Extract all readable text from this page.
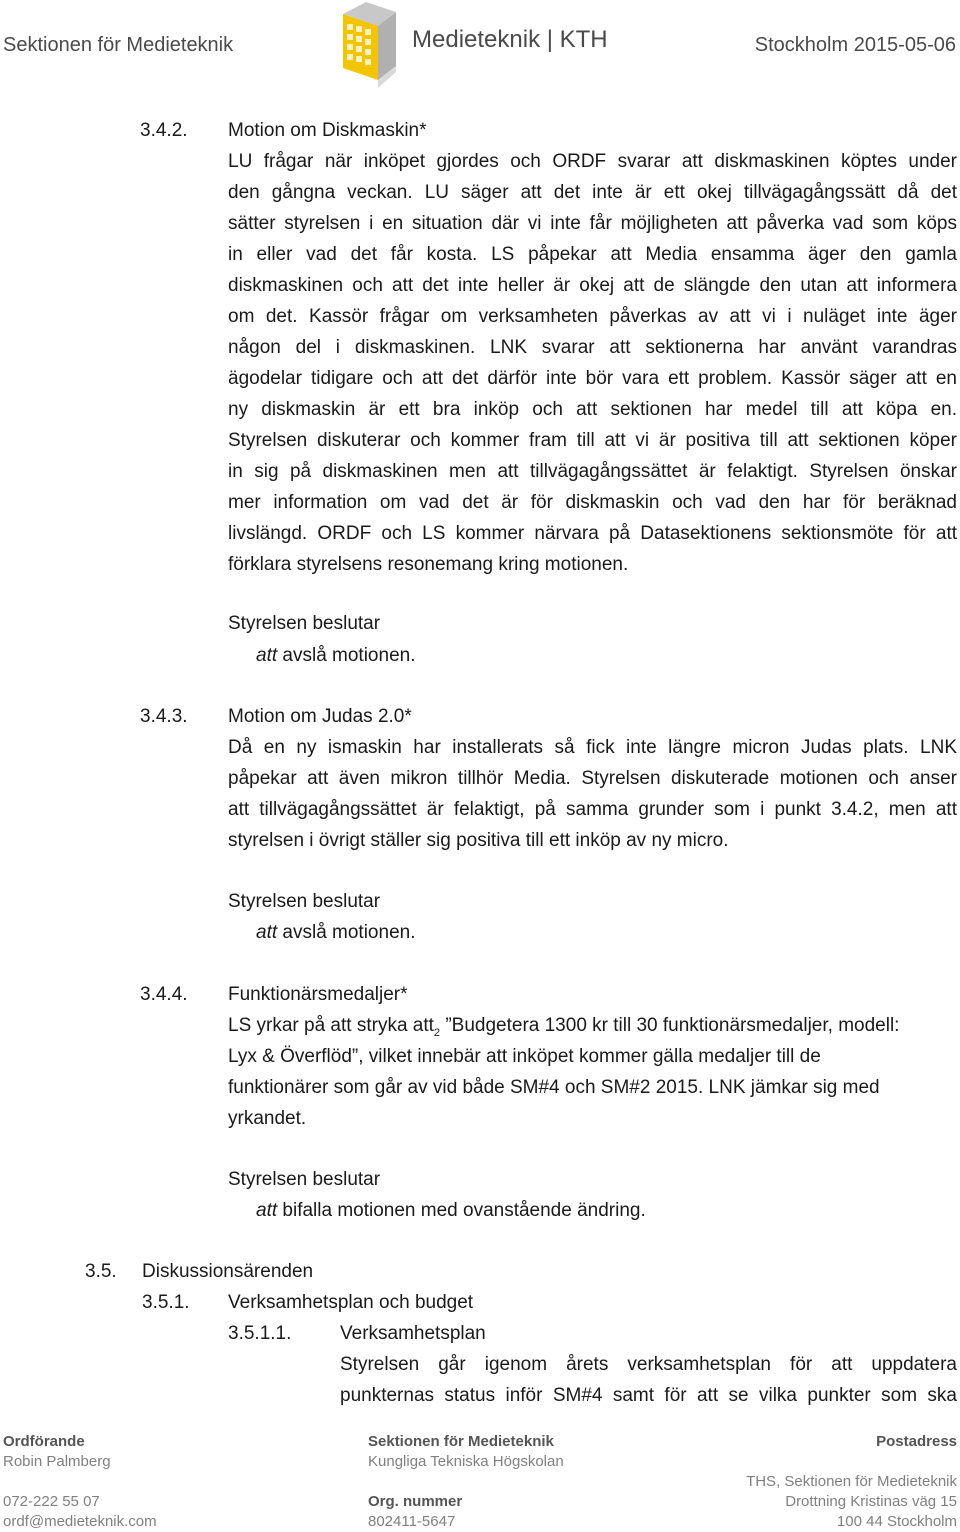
Sektionen för Medieteknik	Medieteknik | KTH	Stockholm 2015-05-06
3.4.2. Motion om Diskmaskin*
LU frågar när inköpet gjordes och ORDF svarar att diskmaskinen köptes under
den gångna veckan. LU säger att det inte är ett okej tillvägagångssätt då det
sätter styrelsen i en situation där vi inte får möjligheten att påverka vad som köps
in eller vad det får kosta. LS påpekar att Media ensamma äger den gamla
diskmaskinen och att det inte heller är okej att de slängde den utan att informera
om det. Kassör frågar om verksamheten påverkas av att vi i nuläget inte äger
någon del i diskmaskinen. LNK svarar att sektionerna har använt varandras
ägodelar tidigare och att det därför inte bör vara ett problem. Kassör säger att en
ny diskmaskin är ett bra inköp och att sektionen har medel till att köpa en.
Styrelsen diskuterar och kommer fram till att vi är positiva till att sektionen köper
in sig på diskmaskinen men att tillvägagångssättet är felaktigt. Styrelsen önskar
mer information om vad det är för diskmaskin och vad den har för beräknad
livslängd. ORDF och LS kommer närvara på Datasektionens sektionsmöte för att
förklara styrelsens resonemang kring motionen.
Styrelsen beslutar
att avslå motionen.
3.4.3. Motion om Judas 2.0*
Då en ny ismaskin har installerats så fick inte längre micron Judas plats. LNK
påpekar att även mikron tillhör Media. Styrelsen diskuterade motionen och anser
att tillvägagångssättet är felaktigt, på samma grunder som i punkt 3.4.2, men att
styrelsen i övrigt ställer sig positiva till ett inköp av ny micro.
Styrelsen beslutar
att avslå motionen.
3.4.4. Funktionärsmedaljer*
LS yrkar på att stryka att$_2$ ”Budgetera 1300 kr till 30 funktionärsmedaljer, modell:
Lyx & Överflöd”, vilket innebär att inköpet kommer gälla medaljer till de
funktionärer som går av vid både SM#4 och SM#2 2015. LNK jämkar sig med
yrkandet.
Styrelsen beslutar
att bifalla motionen med ovanstående ändring.
3.5. Diskussionsärenden
3.5.1. Verksamhetsplan och budget
3.5.1.1.	Verksamhetsplan
Styrelsen går igenom årets verksamhetsplan för att uppdatera
punkternas status inför SM#4 samt för att se vilka punkter som ska
Ordförande
Robin Palmberg
072-222 55 07
ordf@medieteknik.com
Sektionen för Medieteknik
Kungliga Tekniska Högskolan
Org. nummer
802411-5647
Postadress
THS, Sektionen för Medieteknik
Drottning Kristinas väg 15
100 44 Stockholm
